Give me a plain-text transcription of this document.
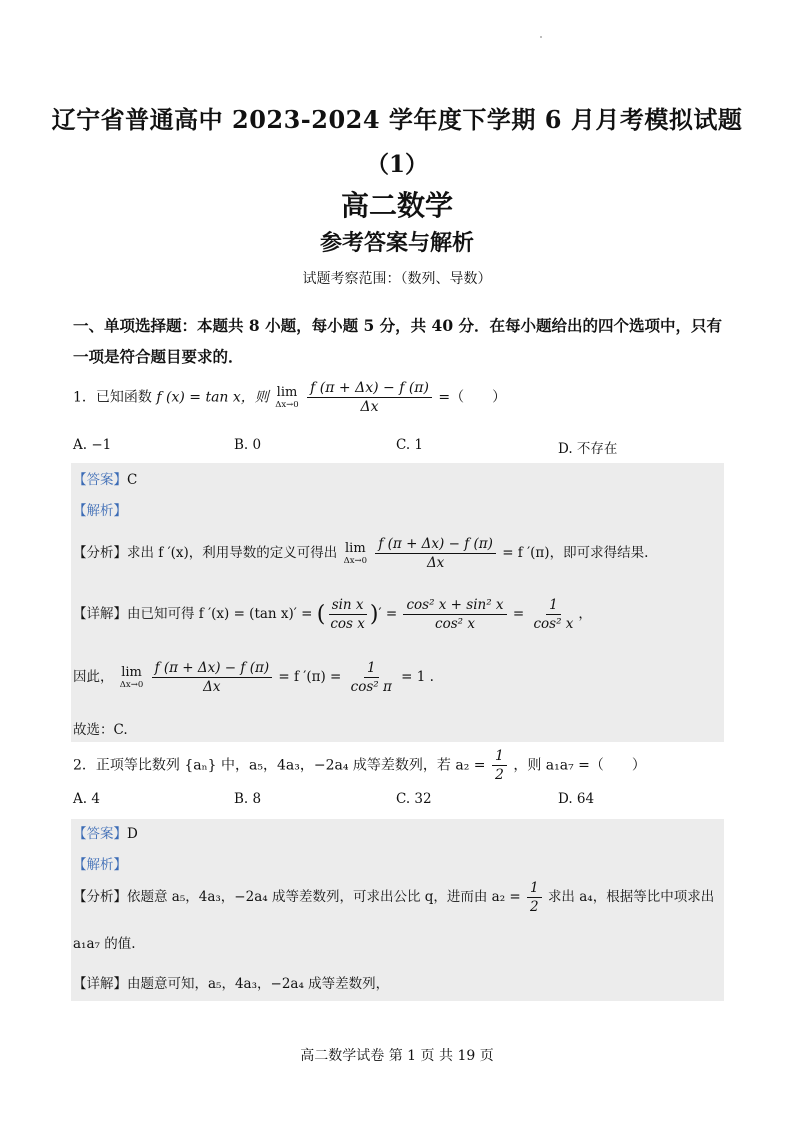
辽宁省普通高中 2023-2024 学年度下学期 6 月月考模拟试题
（1）
高二数学
参考答案与解析
试题考察范围：（数列、导数）
一、单项选择题：本题共 8 小题，每小题 5 分，共 40 分．在每小题给出的四个选项中，只有一项是符合题目要求的．
1．已知函数 f (x) = tan x，则 lim
Δx→0
$\frac{f (\pi + \Delta x) - f (\pi)}{\Delta x}$ =（　　）
A. −1	B. 0	C. 1	D. 不存在
【答案】C
【解析】
【分析】求出 f ′(x)，利用导数的定义可得出 lim
Δx→0
$\frac{f (\pi + \Delta x) - f (\pi)}{\Delta x} = f$ ′(π)，即可求得结果.
【详解】由已知可得 f ′(x) = (tan x)′ = ( $\frac{\text{sin x}}{\text{cos x}}$ )′ = $\frac{\text{cos² x + sin² x}}{\text{cos² x}} = \frac{1}{\text{cos² x}}$ ，
因此， lim
Δx→0
$\frac{f (\pi + \Delta x) - f (\pi)}{\Delta x} = f$ $'(\pi) = \frac{1}{\text{cos² π}} = 1$ .
故选：C.
2．正项等比数列 {aₙ} 中，a₅，4a₃，−2a₄ 成等差数列，若 $a_2 = \frac{1}{2}$ ，则 a₁a₇ =（　　）
A. 4	B. 8	C. 32	D. 64
【答案】D
【解析】
【分析】依题意 a₅，4a₃，−2a₄ 成等差数列，可求出公比 q，进而由 $a_2 = \frac{1}{2}$ 求出 a₄，根据等比中项求出
a₁a₇ 的值.
【详解】由题意可知，a₅，4a₃，−2a₄ 成等差数列，
高二数学试卷 第 1 页 共 19 页
